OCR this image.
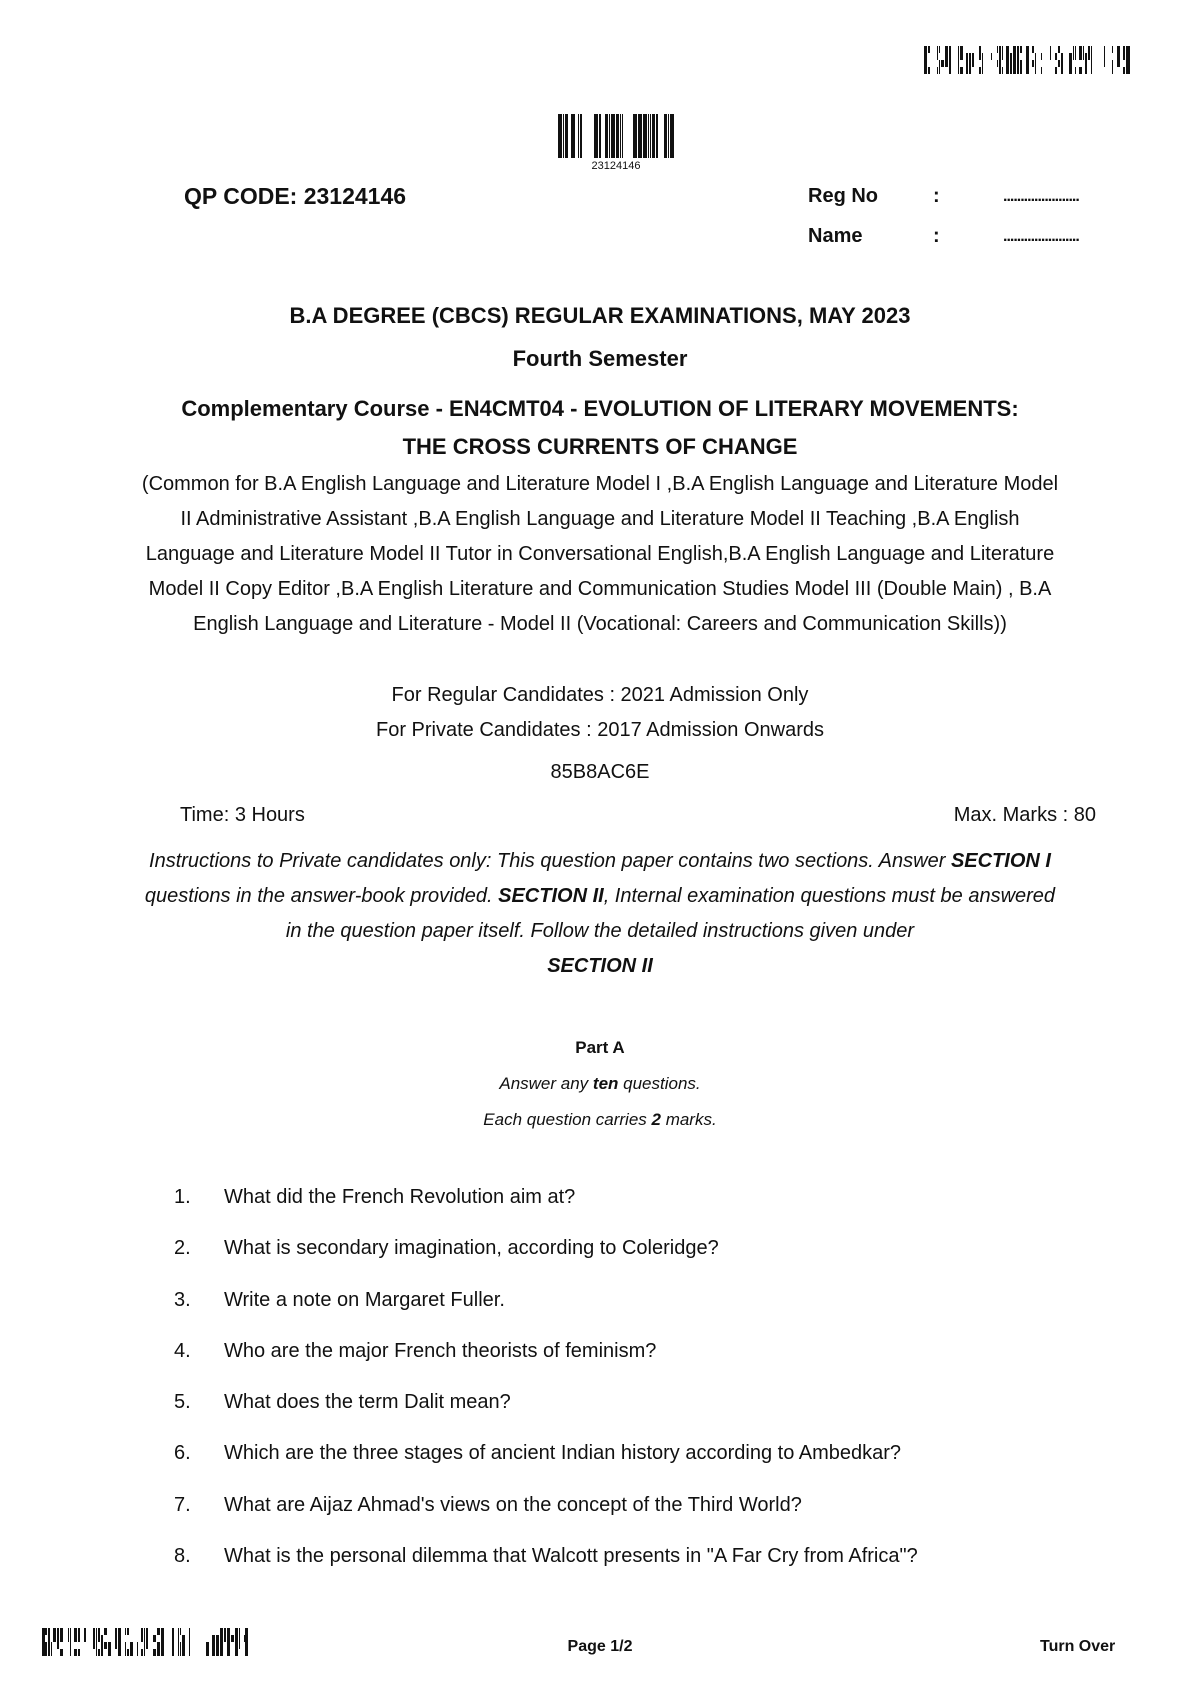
23124146
QP CODE: 23124146	Reg No	:	......................
Name	:	......................
B.A DEGREE (CBCS) REGULAR EXAMINATIONS, MAY 2023
Fourth Semester
Complementary Course - EN4CMT04 - EVOLUTION OF LITERARY MOVEMENTS:
THE CROSS CURRENTS OF CHANGE
(Common for B.A English Language and Literature Model I ,B.A English Language and Literature Model II Administrative Assistant ,B.A English Language and Literature Model II Teaching ,B.A English Language and Literature Model II Tutor in Conversational English,B.A English Language and Literature Model II Copy Editor ,B.A English Literature and Communication Studies Model III (Double Main) , B.A English Language and Literature - Model II (Vocational: Careers and Communication Skills))
For Regular Candidates : 2021 Admission Only
For Private Candidates : 2017 Admission Onwards
85B8AC6E
Time: 3 Hours	Max. Marks : 80
Instructions to Private candidates only: This question paper contains two sections. Answer SECTION I questions in the answer-book provided. SECTION II, Internal examination questions must be answered in the question paper itself. Follow the detailed instructions given under
SECTION II
Part A
Answer any ten questions.
Each question carries 2 marks.
1.	What did the French Revolution aim at?
2.	What is secondary imagination, according to Coleridge?
3.	Write a note on Margaret Fuller.
4.	Who are the major French theorists of feminism?
5.	What does the term Dalit mean?
6.	Which are the three stages of ancient Indian history according to Ambedkar?
7.	What are Aijaz Ahmad's views on the concept of the Third World?
8.	What is the personal dilemma that Walcott presents in "A Far Cry from Africa"?
Page 1/2	Turn Over
